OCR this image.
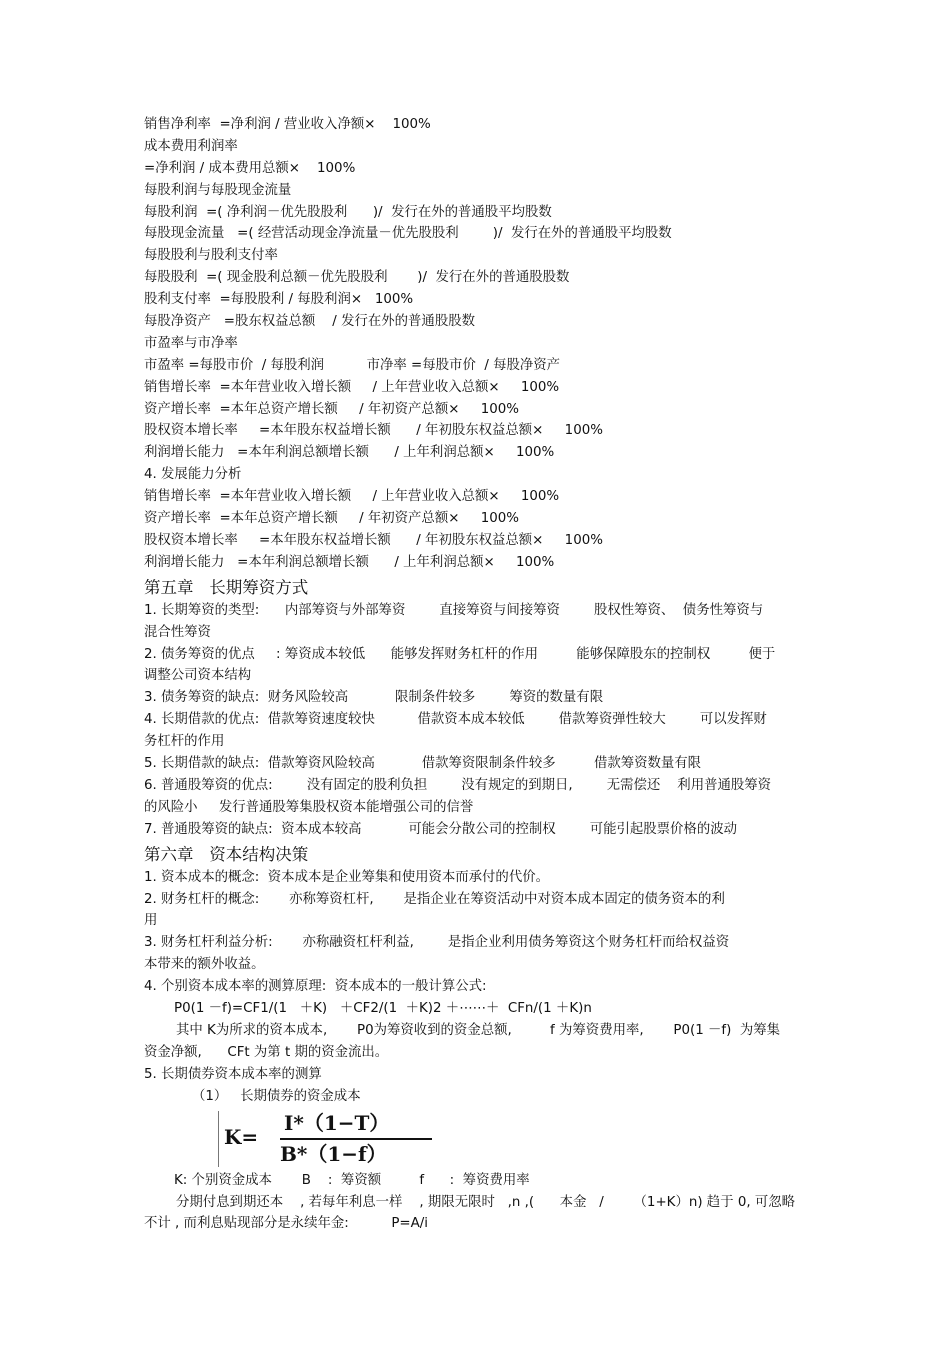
销售净利率  =净利润 / 营业收入净额×    100%
成本费用利润率
=净利润 / 成本费用总额×    100%
每股利润与每股现金流量
每股利润  =( 净利润－优先股股利      )/  发行在外的普通股平均股数
每股现金流量   =( 经营活动现金净流量－优先股股利        )/  发行在外的普通股平均股数
每股股利与股利支付率
每股股利  =( 现金股利总额－优先股股利       )/  发行在外的普通股股数
股利支付率  =每股股利 / 每股利润×   100%
每股净资产   =股东权益总额    / 发行在外的普通股股数
市盈率与市净率
市盈率 =每股市价  / 每股利润          市净率 =每股市价  / 每股净资产
销售增长率  =本年营业收入增长额     / 上年营业收入总额×     100%
资产增长率  =本年总资产增长额     / 年初资产总额×     100%
股权资本增长率     =本年股东权益增长额      / 年初股东权益总额×     100%
利润增长能力   =本年利润总额增长额      / 上年利润总额×     100%
4. 发展能力分析
销售增长率  =本年营业收入增长额     / 上年营业收入总额×     100%
资产增长率  =本年总资产增长额     / 年初资产总额×     100%
股权资本增长率     =本年股东权益增长额      / 年初股东权益总额×     100%
利润增长能力   =本年利润总额增长额      / 上年利润总额×     100%
第五章   长期筹资方式
1. 长期筹资的类型:      内部筹资与外部筹资        直接筹资与间接筹资        股权性筹资、  债务性筹资与
混合性筹资
2. 债务筹资的优点     : 筹资成本较低      能够发挥财务杠杆的作用         能够保障股东的控制权         便于
调整公司资本结构
3. 债务筹资的缺点:  财务风险较高           限制条件较多        筹资的数量有限
4. 长期借款的优点:  借款筹资速度较快          借款资本成本较低        借款筹资弹性较大        可以发挥财
务杠杆的作用
5. 长期借款的缺点:  借款筹资风险较高           借款筹资限制条件较多         借款筹资数量有限
6. 普通股筹资的优点:        没有固定的股利负担        没有规定的到期日,        无需偿还    利用普通股筹资
的风险小     发行普通股筹集股权资本能增强公司的信誉
7. 普通股筹资的缺点:  资本成本较高           可能会分散公司的控制权        可能引起股票价格的波动
第六章   资本结构决策
1. 资本成本的概念:  资本成本是企业筹集和使用资本而承付的代价。
2. 财务杠杆的概念:       亦称筹资杠杆,       是指企业在筹资活动中对资本成本固定的债务资本的利
用
3. 财务杠杆利益分析:       亦称融资杠杆利益,        是指企业利用债务筹资这个财务杠杆而给权益资
本带来的额外收益。
4. 个别资本成本率的测算原理:  资本成本的一般计算公式:
P0(1 －f)=CF1/(1   ＋K)   ＋CF2/(1  ＋K)2 ＋⋯⋯＋  CFn/(1 ＋K)n
其中 K为所求的资本成本,       P0为筹资收到的资金总额,         f 为筹资费用率,       P0(1 －f)  为筹集
资金净额,      CFt 为第 t 期的资金流出。
5. 长期债券资本成本率的测算
（1）   长期债券的资金成本
K=
I*（1−T）
B*（1−f）
K: 个别资金成本       B    :  筹资额         f      :  筹资费用率
分期付息到期还本    , 若每年利息一样    , 期限无限时   ,n ,(      本金   /       （1+K）n) 趋于 0, 可忽略
不计 , 而利息贴现部分是永续年金:          P=A/i
